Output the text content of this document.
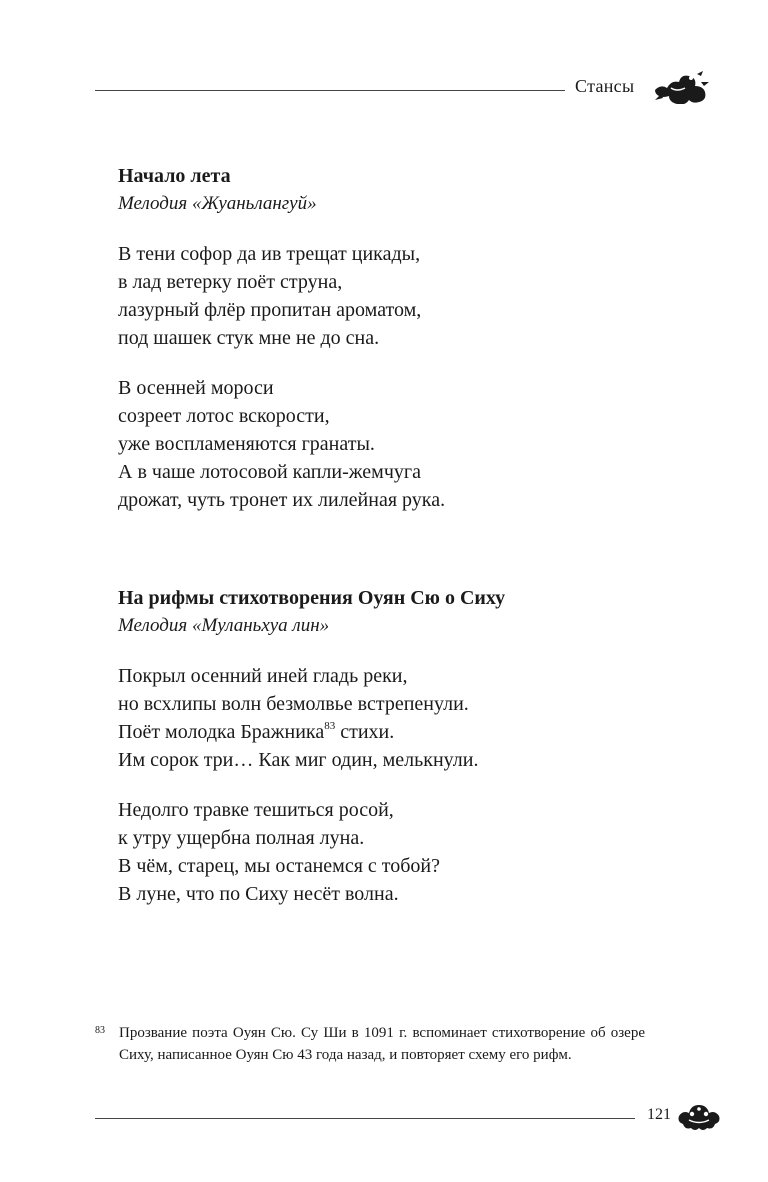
Стансы

Начало лета

Мелодия «Жуаньлангуй»

В тени софор да ив трещат цикады,
в лад ветерку поёт струна,
лазурный флёр пропитан ароматом,
под шашек стук мне не до сна.
В осенней мороси
созреет лотос вскорости,
уже воспламеняются гранаты.
А в чаше лотосовой капли-жемчуга
дрожат, чуть тронет их лилейная рука.

На рифмы стихотворения Оуян Сю о Сиху

Мелодия «Муланьхуа лин»

Покрыл осенний иней гладь реки,
но всхлипы волн безмолвье встрепенули.
Поёт молодка Бражника$^{83}$ стихи.
Им сорок три… Как миг один, мелькнули.
Недолго травке тешиться росой,
к утру ущербна полная луна.
В чём, старец, мы останемся с тобой?
В луне, что по Сиху несёт волна.
83 Прозвание поэта Оуян Сю. Су Ши в 1091 г. вспоминает стихотворение об озере Сиху, написанное Оуян Сю 43 года назад, и повторяет схему его рифм.
121
